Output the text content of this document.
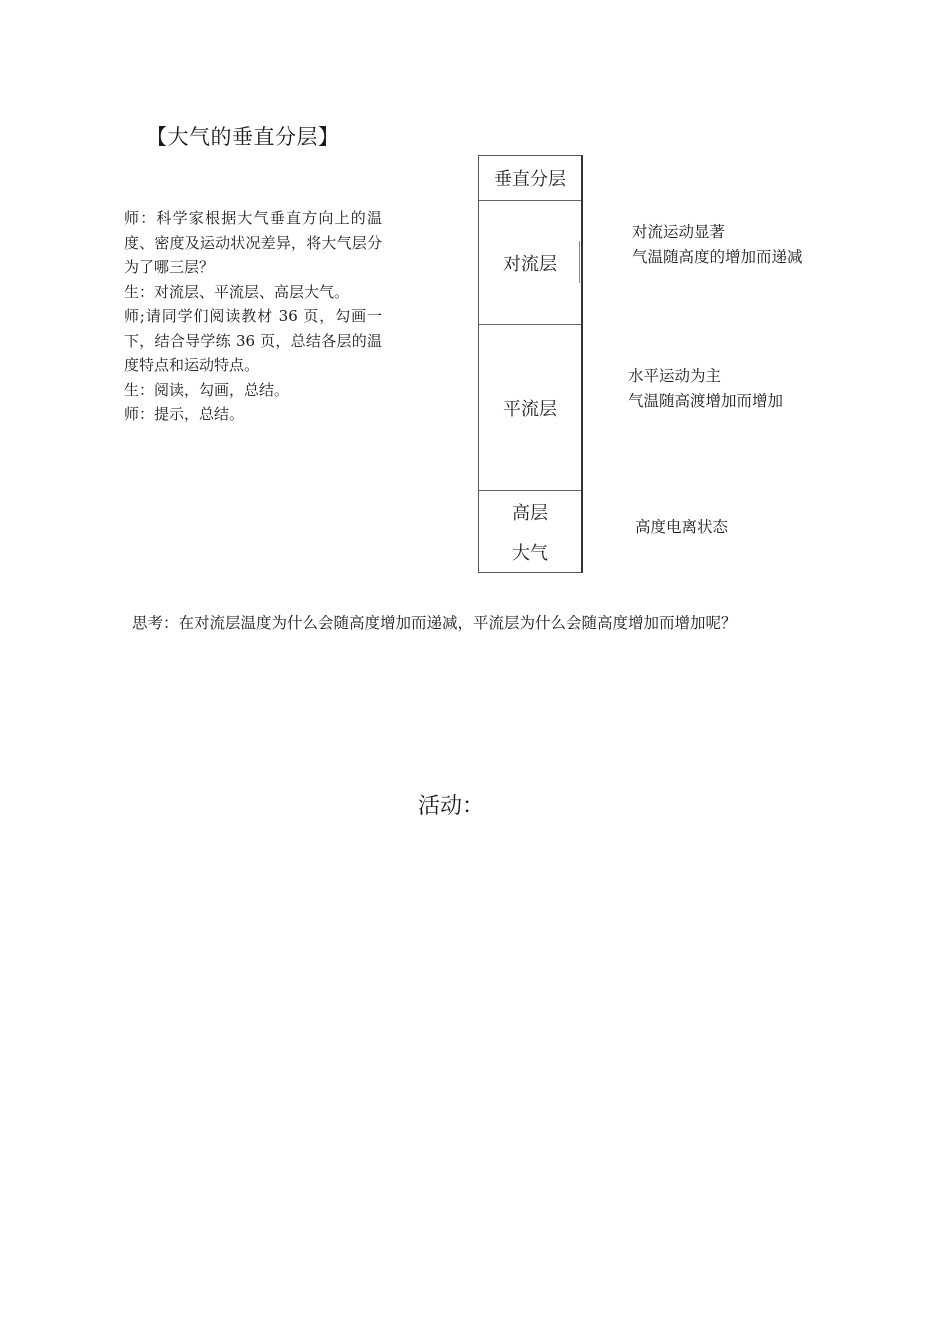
【大气的垂直分层】

师：科学家根据大气垂直方向上的温度、密度及运动状况差异，将大气层分为了哪三层？

生：对流层、平流层、高层大气。

师;请同学们阅读教材 36 页，勾画一下，结合导学练 36 页，总结各层的温度特点和运动特点。

生：阅读，勾画，总结。

师：提示，总结。

垂直分层
对流层
平流层
高层
大气

对流运动显著

气温随高度的增加而递减

水平运动为主

气温随高渡增加而增加

高度电离状态

思考：在对流层温度为什么会随高度增加而递减，平流层为什么会随高度增加而增加呢？
活动：
